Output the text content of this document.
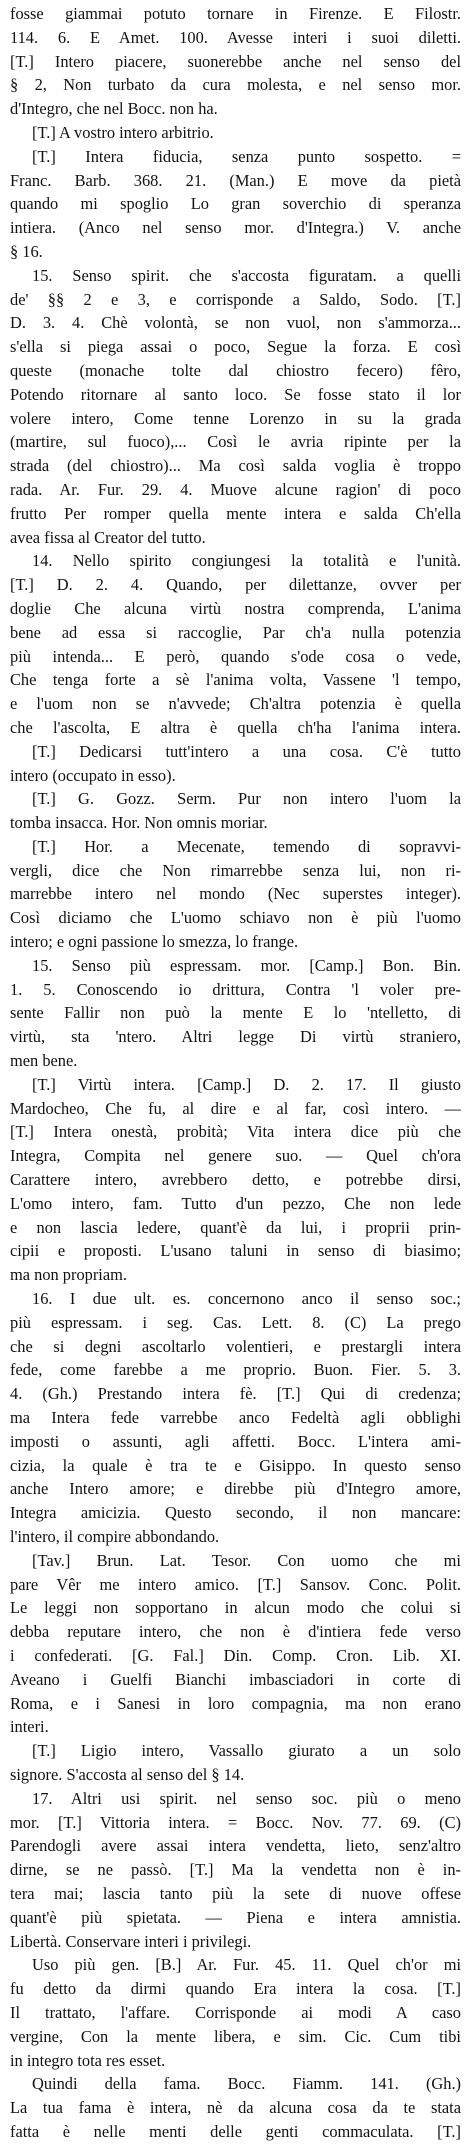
fosse giammai potuto tornare in Firenze. E Filostr.
114. 6. E Amet. 100. Avesse interi i suoi diletti.
[T.] Intero piacere, suonerebbe anche nel senso del
§ 2, Non turbato da cura molesta, e nel senso mor.
d'Integro, che nel Bocc. non ha.
[T.] A vostro intero arbitrio.
[T.] Intera fiducia, senza punto sospetto. =
Franc. Barb. 368. 21. (Man.) E move da pietà
quando mi spoglio Lo gran soverchio di speranza
intiera. (Anco nel senso mor. d'Integra.) V. anche
§ 16.
15. Senso spirit. che s'accosta figuratam. a quelli
de' §§ 2 e 3, e corrisponde a Saldo, Sodo. [T.]
D. 3. 4. Chè volontà, se non vuol, non s'ammorza...
s'ella si piega assai o poco, Segue la forza. E così
queste (monache tolte dal chiostro fecero) fêro,
Potendo ritornare al santo loco. Se fosse stato il lor
volere intero, Come tenne Lorenzo in su la grada
(martire, sul fuoco),... Così le avria ripinte per la
strada (del chiostro)... Ma così salda voglia è troppo
rada. Ar. Fur. 29. 4. Muove alcune ragion' di poco
frutto Per romper quella mente intera e salda Ch'ella
avea fissa al Creator del tutto.
14. Nello spirito congiungesi la totalità e l'unità.
[T.] D. 2. 4. Quando, per dilettanze, ovver per
doglie Che alcuna virtù nostra comprenda, L'anima
bene ad essa si raccoglie, Par ch'a nulla potenzia
più intenda... E però, quando s'ode cosa o vede,
Che tenga forte a sè l'anima volta, Vassene 'l tempo,
e l'uom non se n'avvede; Ch'altra potenzia è quella
che l'ascolta, E altra è quella ch'ha l'anima intera.
[T.] Dedicarsi tutt'intero a una cosa. C'è tutto
intero (occupato in esso).
[T.] G. Gozz. Serm. Pur non intero l'uom la
tomba insacca. Hor. Non omnis moriar.
[T.] Hor. a Mecenate, temendo di sopravvi-
vergli, dice che Non rimarrebbe senza lui, non ri-
marrebbe intero nel mondo (Nec superstes integer).
Così diciamo che L'uomo schiavo non è più l'uomo
intero; e ogni passione lo smezza, lo frange.
15. Senso più espressam. mor. [Camp.] Bon. Bin.
1. 5. Conoscendo io drittura, Contra 'l voler pre-
sente Fallir non può la mente E lo 'ntelletto, di
virtù, sta 'ntero. Altri legge Di virtù straniero,
men bene.
[T.] Virtù intera. [Camp.] D. 2. 17. Il giusto
Mardocheo, Che fu, al dire e al far, così intero. —
[T.] Intera onestà, probità; Vita intera dice più che
Integra, Compita nel genere suo. — Quel ch'ora
Carattere intero, avrebbero detto, e potrebbe dirsi,
L'omo intero, fam. Tutto d'un pezzo, Che non lede
e non lascia ledere, quant'è da lui, i proprii prin-
cipii e proposti. L'usano taluni in senso di biasimo;
ma non propriam.
16. I due ult. es. concernono anco il senso soc.;
più espressam. i seg. Cas. Lett. 8. (C) La prego
che si degni ascoltarlo volentieri, e prestargli intera
fede, come farebbe a me proprio. Buon. Fier. 5. 3.
4. (Gh.) Prestando intera fè. [T.] Qui di credenza;
ma Intera fede varrebbe anco Fedeltà agli obblighi
imposti o assunti, agli affetti. Bocc. L'intera ami-
cizia, la quale è tra te e Gisippo. In questo senso
anche Intero amore; e direbbe più d'Integro amore,
Integra amicizia. Questo secondo, il non mancare:
l'intero, il compire abbondando.
[Tav.] Brun. Lat. Tesor. Con uomo che mi
pare Vêr me intero amico. [T.] Sansov. Conc. Polit.
Le leggi non sopportano in alcun modo che colui si
debba reputare intero, che non è d'intiera fede verso
i confederati. [G. Fal.] Din. Comp. Cron. Lib. XI.
Aveano i Guelfi Bianchi imbasciadori in corte di
Roma, e i Sanesi in loro compagnia, ma non erano
interi.
[T.] Ligio intero, Vassallo giurato a un solo
signore. S'accosta al senso del § 14.
17. Altri usi spirit. nel senso soc. più o meno
mor. [T.] Vittoria intera. = Bocc. Nov. 77. 69. (C)
Parendogli avere assai intera vendetta, lieto, senz'altro
dirne, se ne passò. [T.] Ma la vendetta non è in-
tera mai; lascia tanto più la sete di nuove offese
quant'è più spietata. — Piena e intera amnistia.
Libertà. Conservare interi i privilegi.
Uso più gen. [B.] Ar. Fur. 45. 11. Quel ch'or mi
fu detto da dirmi quando Era intera la cosa. [T.]
Il trattato, l'affare. Corrisponde ai modi A caso
vergine, Con la mente libera, e sim. Cic. Cum tibi
in integro tota res esset.
Quindi della fama. Bocc. Fiamm. 141. (Gh.)
La tua fama è intera, nè da alcuna cosa da te stata
fatta è nelle menti delle genti commaculata. [T.]
